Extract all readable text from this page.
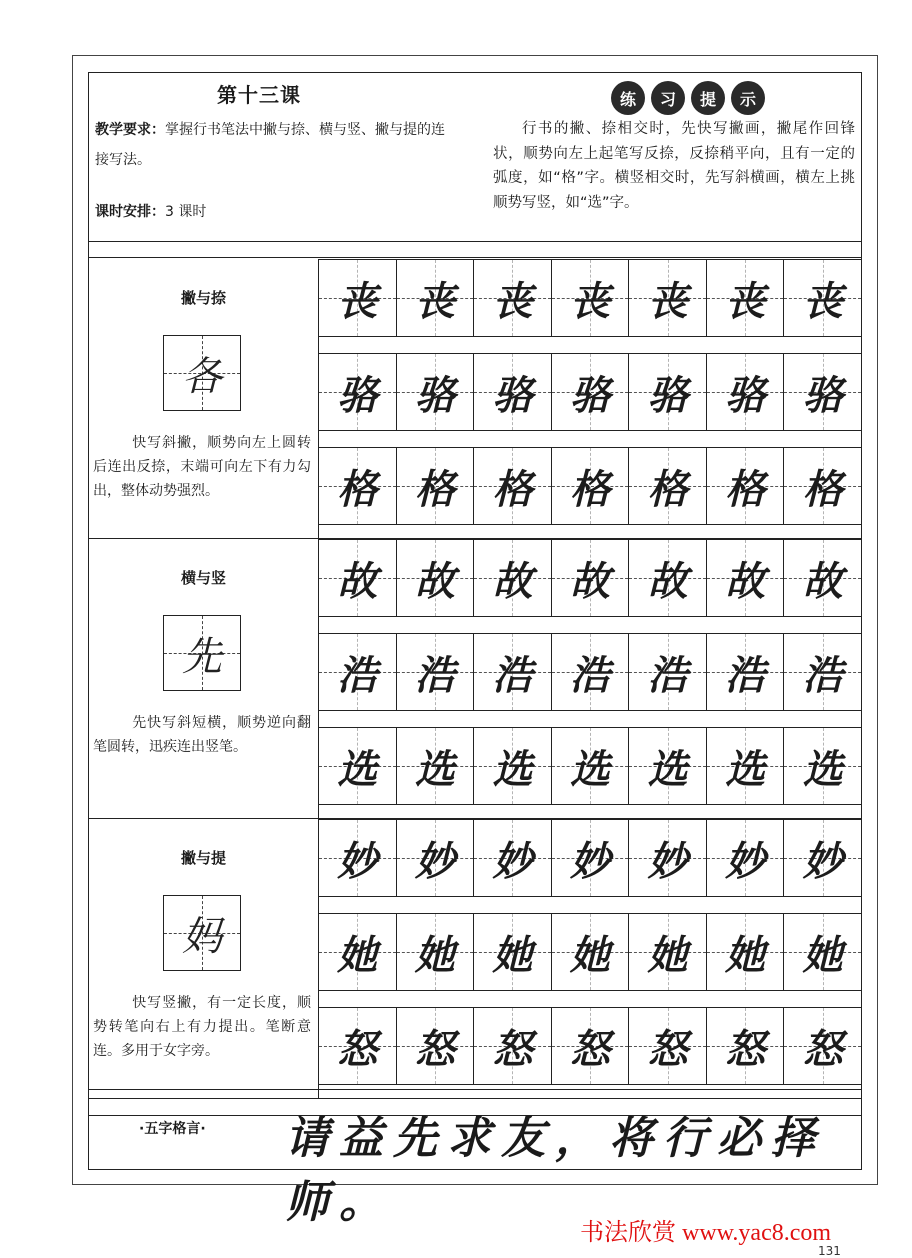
第十三课
教学要求：掌握行书笔法中撇与捺、横与竖、撇与提的连接写法。
课时安排：3 课时
练	习	提	示
行书的撇、捺相交时，先快写撇画，撇尾作回锋状，顺势向左上起笔写反捺，反捺稍平向，且有一定的弧度，如“格”字。横竖相交时，先写斜横画，横左上挑顺势写竖，如“选”字。
撇与捺
各
快写斜撇，顺势向左上圆转后连出反捺，末端可向左下有力勾出，整体动势强烈。
丧 丧 丧 丧 丧 丧 丧
骆 骆 骆 骆 骆 骆 骆
格 格 格 格 格 格 格
横与竖
先
先快写斜短横，顺势逆向翻笔圆转，迅疾连出竖笔。
故 故 故 故 故 故 故
浩 浩 浩 浩 浩 浩 浩
选 选 选 选 选 选 选
撇与提
妈
快写竖撇，有一定长度，顺势转笔向右上有力提出。笔断意连。多用于女字旁。
妙 妙 妙 妙 妙 妙 妙
她 她 她 她 她 她 她
怒 怒 怒 怒 怒 怒 怒
·五字格言· 请益先求友，将行必择师。
书法欣赏 www.yac8.com
131
